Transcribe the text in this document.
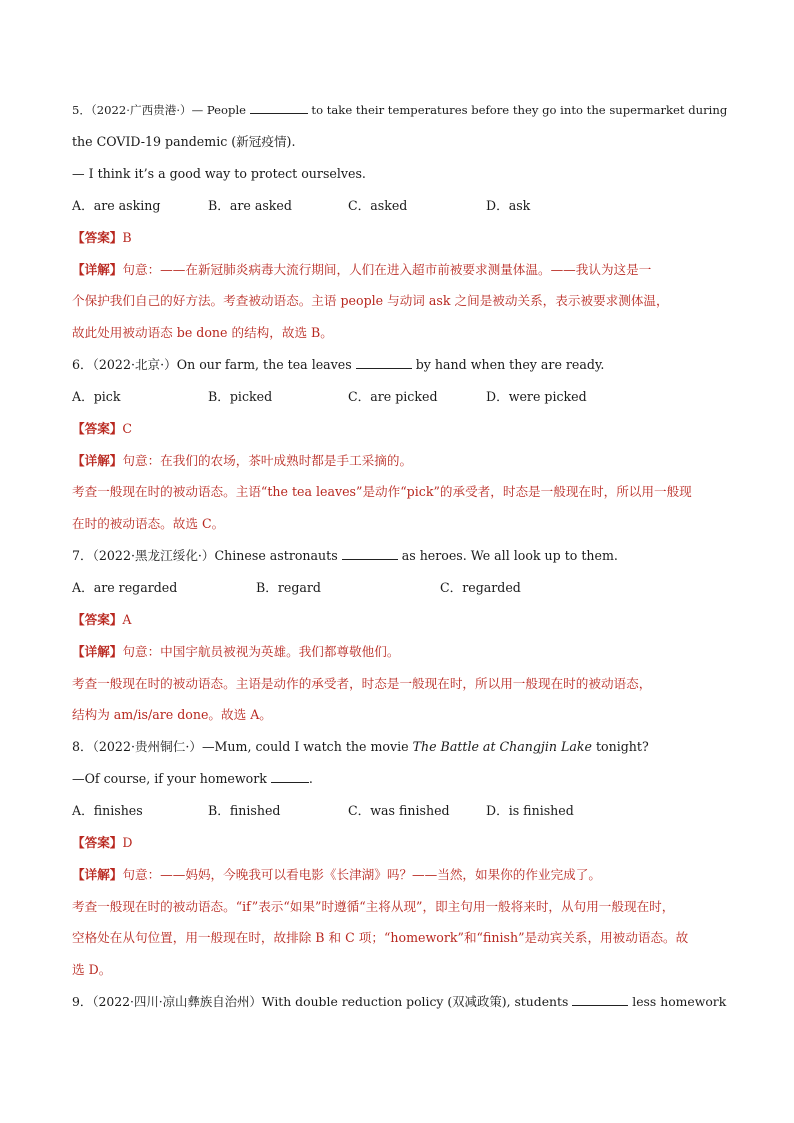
5．（2022·广西贵港·）— People	to take their temperatures before they go into the supermarket during
the COVID-19 pandemic (新冠疫情).
— I think it’s a good way to protect ourselves.
A．are asking	B．are asked	C．asked	D．ask
【答案】B
【详解】句意：——在新冠肺炎病毒大流行期间，人们在进入超市前被要求测量体温。——我认为这是一
个保护我们自己的好方法。考查被动语态。主语 people 与动词 ask 之间是被动关系，表示被要求测体温，
故此处用被动语态 be done 的结构，故选 B。
6．（2022·北京·）On our farm, the tea leaves	by hand when they are ready.
A．pick	B．picked	C．are picked	D．were picked
【答案】C
【详解】句意：在我们的农场，茶叶成熟时都是手工采摘的。
考查一般现在时的被动语态。主语“the tea leaves”是动作“pick”的承受者，时态是一般现在时，所以用一般现
在时的被动语态。故选 C。
7．（2022·黑龙江绥化·）Chinese astronauts	as heroes. We all look up to them.
A．are regarded	B．regard	C．regarded
【答案】A
【详解】句意：中国宇航员被视为英雄。我们都尊敬他们。
考查一般现在时的被动语态。主语是动作的承受者，时态是一般现在时，所以用一般现在时的被动语态，
结构为 am/is/are done。故选 A。
8．（2022·贵州铜仁·）—Mum, could I watch the movie The Battle at Changjin Lake tonight?
—Of course, if your homework	.
A．finishes	B．finished	C．was finished	D．is finished
【答案】D
【详解】句意：——妈妈，今晚我可以看电影《长津湖》吗？——当然，如果你的作业完成了。
考查一般现在时的被动语态。“if”表示“如果”时遵循“主将从现”，即主句用一般将来时，从句用一般现在时，
空格处在从句位置，用一般现在时，故排除 B 和 C 项；“homework”和“finish”是动宾关系，用被动语态。故
选 D。
9．（2022·四川·凉山彝族自治州）With double reduction policy (双减政策), students	less homework
